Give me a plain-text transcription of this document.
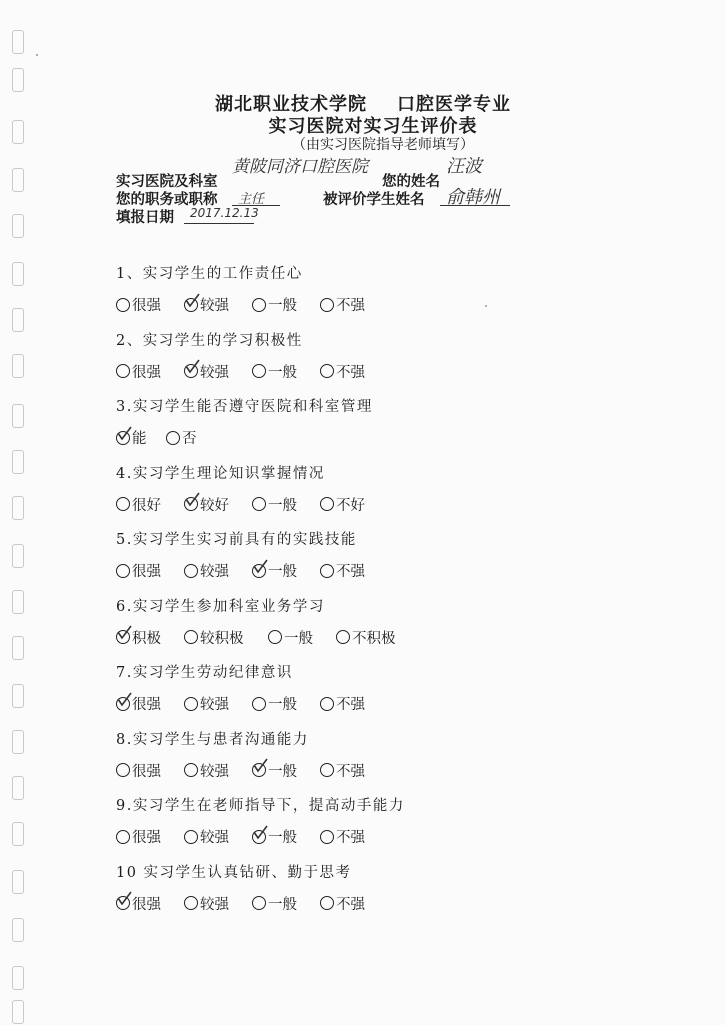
湖北职业技术学院 口腔医学专业
实习医院对实习生评价表
（由实习医院指导老师填写）
实习医院及科室
黄陂同济口腔医院
您的姓名
汪波
您的职务或职称 主任	被评价学生姓名 俞韩州
填报日期 2017.12.13
1、实习学生的工作责任心
很强	较强	一般	不强
2、实习学生的学习积极性
很强	较强	一般	不强
3.实习学生能否遵守医院和科室管理
能 否
4.实习学生理论知识掌握情况
很好	较好	一般	不好
5.实习学生实习前具有的实践技能
很强	较强	一般	不强
6.实习学生参加科室业务学习
积极	较积极	一般	不积极
7.实习学生劳动纪律意识
很强	较强	一般	不强
8.实习学生与患者沟通能力
很强	较强	一般	不强
9.实习学生在老师指导下，提高动手能力
很强	较强	一般	不强
10 实习学生认真钻研、勤于思考
很强	较强	一般	不强
